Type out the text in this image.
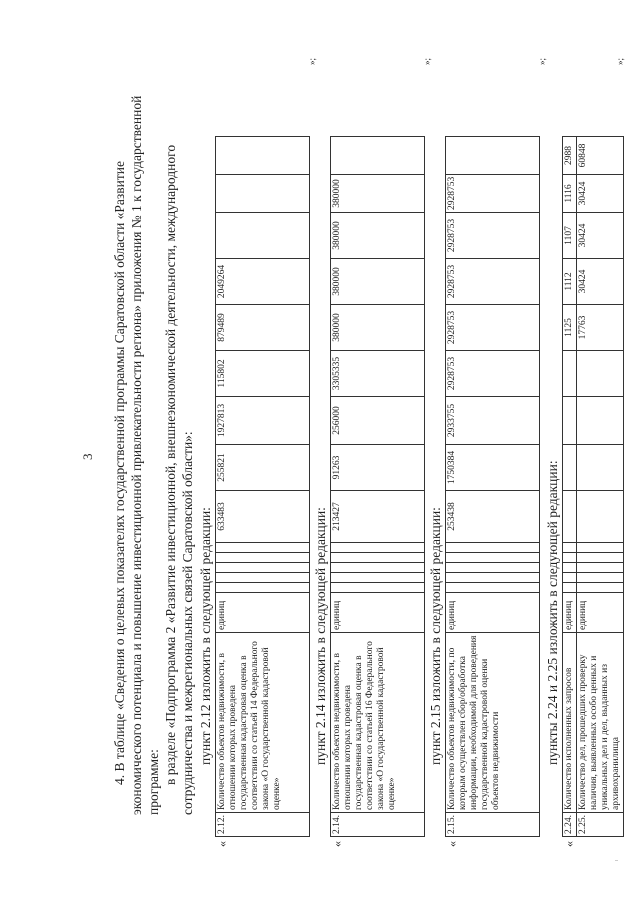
3 4. В таблице «Сведения о целевых показателях государственной программы Саратовской области «Развитие экономического потенциала и повышение инвестиционной привлекательности региона» приложения № 1 к государственной программе: в разделе «Подпрограмма 2 «Развитие инвестиционной, внешнеэкономической деятельности, международного сотрудничества и межрегиональных связей Саратовской области»: пункт 2.12 изложить в следующей редакции:
«
2.12.	Количество объектов недвижимости, в отношении которых проведена государственная кадастровая оценка в соответствии со статьей 14 Федерального закона «О государственной кадастровой оценке»	единиц						633483	255821	1927813	115802	879489	2049264			
»;
пункт 2.14 изложить в следующей редакции:
«
2.14.	Количество объектов недвижимости, в отношении которых проведена государственная кадастровая оценка в соответствии со статьей 16 Федерального закона «О государственной кадастровой оценке»	единиц						213427	91263	256000	3305335	380000	380000	380000	380000	
»;
пункт 2.15 изложить в следующей редакции:
«
2.15.	Количество объектов недвижимости, по которым осуществлен сбор/обработка информации, необходимой для проведения государственной кадастровой оценки объектов недвижимости	единиц						253438	1750384	2933755	2928753	2928753	2928753	2928753	2928753	
»;
пункты 2.24 и 2.25 изложить в следующей редакции:
«
2.24.	Количество исполненных запросов	единиц										1125	1112	1107	1116	2988
2.25.	Количество дел, прошедших проверку наличия, выявленных особо ценных и уникальных дел и дел, выданных из архивохранилища	единиц										17763	30424	30424	30424	60848
»;
